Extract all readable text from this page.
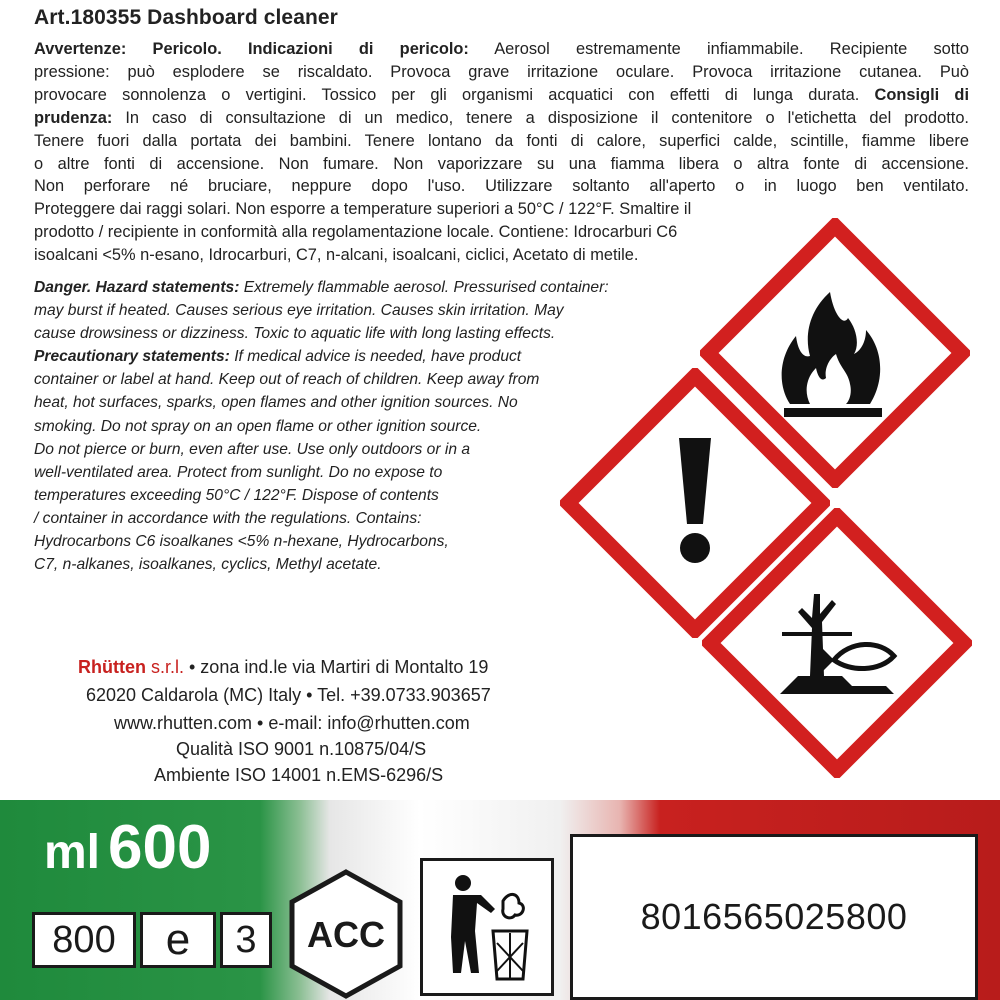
Art.180355 Dashboard cleaner

Avvertenze: Pericolo. Indicazioni di pericolo: Aerosol estremamente infiammabile. Recipiente sotto

pressione: può esplodere se riscaldato. Provoca grave irritazione oculare. Provoca irritazione cutanea. Può

provocare sonnolenza o vertigini. Tossico per gli organismi acquatici con effetti di lunga durata. Consigli di

prudenza: In caso di consultazione di un medico, tenere a disposizione il contenitore o l'etichetta del prodotto.

Tenere fuori dalla portata dei bambini. Tenere lontano da fonti di calore, superfici calde, scintille, fiamme libere

o altre fonti di accensione. Non fumare. Non vaporizzare su una fiamma libera o altra fonte di accensione.

Non perforare né bruciare, neppure dopo l'uso. Utilizzare soltanto all'aperto o in luogo ben ventilato.

Proteggere dai raggi solari. Non esporre a temperature superiori a 50°C / 122°F. Smaltire il

prodotto / recipiente in conformità alla regolamentazione locale. Contiene: Idrocarburi C6

isoalcani <5% n-esano, Idrocarburi, C7, n-alcani, isoalcani, ciclici, Acetato di metile.

Danger. Hazard statements: Extremely flammable aerosol. Pressurised container:

may burst if heated. Causes serious eye irritation. Causes skin irritation. May

cause drowsiness or dizziness. Toxic to aquatic life with long lasting effects.

Precautionary statements: If medical advice is needed, have product

container or label at hand. Keep out of reach of children. Keep away from

heat, hot surfaces, sparks, open flames and other ignition sources. No

smoking. Do not spray on an open flame or other ignition source.

Do not pierce or burn, even after use. Use only outdoors or in a

well-ventilated area. Protect from sunlight. Do no expose to

temperatures exceeding 50°C / 122°F. Dispose of contents

/ container in accordance with the regulations. Contains:

Hydrocarbons C6 isoalkanes <5% n-hexane, Hydrocarbons,

C7, n-alkanes, isoalkanes, cyclics, Methyl acetate.

Rhütten s.r.l. • zona ind.le via Martiri di Montalto 19
62020 Caldarola (MC) Italy • Tel. +39.0733.903657
www.rhutten.com • e-mail: info@rhutten.com
Qualità ISO 9001 n.10875/04/S
Ambiente ISO 14001 n.EMS-6296/S
ml 600
800	e	3	ACC	8016565025800
